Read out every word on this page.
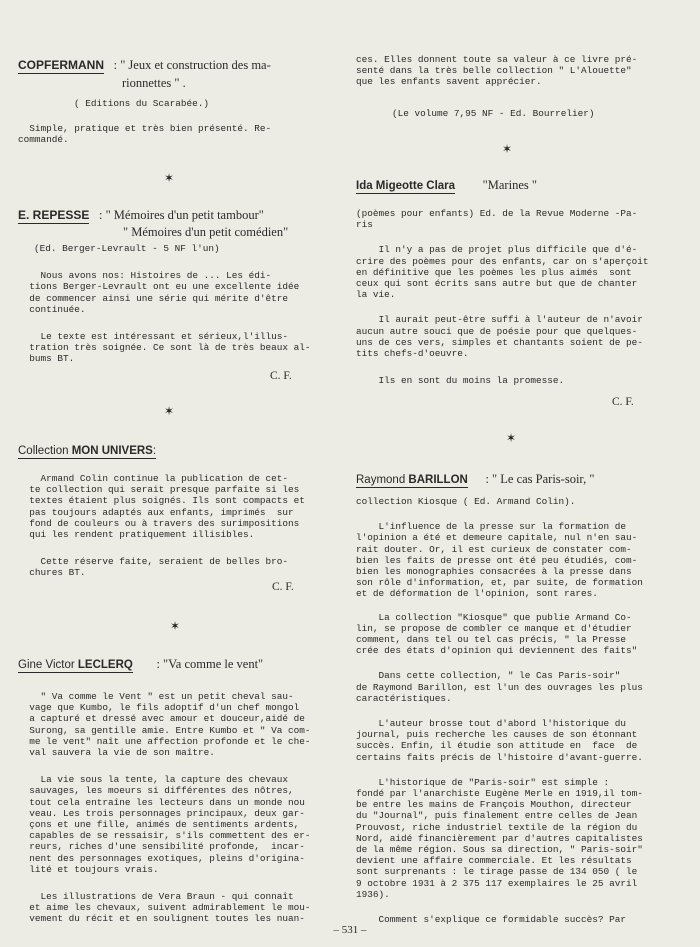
COPFERMANN : " Jeux et construction des ma-
rionnettes " .
( Editions du Scarabée.)
Simple, pratique et très bien présenté. Re-
commandé.
✶
E. REPESSE : " Mémoires d'un petit tambour"
" Mémoires d'un petit comédien"
(Ed. Berger-Levrault - 5 NF l'un)
Nous avons nos: Histoires de ... Les édi-
tions Berger-Levrault ont eu une excellente idée
de commencer ainsi une série qui mérite d'être
continuée.
Le texte est intéressant et sérieux,l'illus-
tration très soignée. Ce sont là de très beaux al-
bums BT.
C. F.
✶
Collection MON UNIVERS:
Armand Colin continue la publication de cet-
te collection qui serait presque parfaite si les
textes étaient plus soignés. Ils sont compacts et
pas toujours adaptés aux enfants, imprimés  sur
fond de couleurs ou à travers des surimpositions
qui les rendent pratiquement illisibles.
Cette réserve faite, seraient de belles bro-
chures BT.
C. F.
✶
Gine Victor LECLERQ : "Va comme le vent"
" Va comme le Vent " est un petit cheval sau-
vage que Kumbo, le fils adoptif d'un chef mongol
a capturé et dressé avec amour et douceur,aidé de
Surong, sa gentille amie. Entre Kumbo et " Va com-
me le vent" naît une affection profonde et le che-
val sauvera la vie de son maître.
La vie sous la tente, la capture des chevaux
sauvages, les moeurs si différentes des nôtres,
tout cela entraîne les lecteurs dans un monde nou
veau. Les trois personnages principaux, deux gar-
çons et une fille, animés de sentiments ardents,
capables de se ressaisir, s'ils commettent des er-
reurs, riches d'une sensibilité profonde,  incar-
nent des personnages exotiques, pleins d'origina-
lité et toujours vrais.
Les illustrations de Vera Braun - qui connaît
et aime les chevaux, suivent admirablement le mou-
vement du récit et en soulignent toutes les nuan-
ces. Elles donnent toute sa valeur à ce livre pré-
senté dans la très belle collection " L'Alouette"
que les enfants savent apprécier.
(Le volume 7,95 NF - Ed. Bourrelier)
✶
Ida Migeotte Clara "Marines "
(poèmes pour enfants) Ed. de la Revue Moderne -Pa-
ris
Il n'y a pas de projet plus difficile que d'é-
crire des poèmes pour des enfants, car on s'aperçoit
en définitive que les poèmes les plus aimés  sont
ceux qui sont écrits sans autre but que de chanter
la vie.
Il aurait peut-être suffi à l'auteur de n'avoir
aucun autre souci que de poésie pour que quelques-
uns de ces vers, simples et chantants soient de pe-
tits chefs-d'oeuvre.
Ils en sont du moins la promesse.
C. F.
✶
Raymond BARILLON : " Le cas Paris-soir, "
collection Kiosque ( Ed. Armand Colin).
L'influence de la presse sur la formation de
l'opinion a été et demeure capitale, nul n'en sau-
rait douter. Or, il est curieux de constater com-
bien les faits de presse ont été peu étudiés, com-
bien les monographies consacrées à la presse dans
son rôle d'information, et, par suite, de formation
et de déformation de l'opinion, sont rares.
La collection "Kiosque" que publie Armand Co-
lin, se propose de combler ce manque et d'étudier
comment, dans tel ou tel cas précis, " la Presse
crée des états d'opinion qui deviennent des faits"
Dans cette collection, " le Cas Paris-soir"
de Raymond Barillon, est l'un des ouvrages les plus
caractéristiques.
L'auteur brosse tout d'abord l'historique du
journal, puis recherche les causes de son étonnant
succès. Enfin, il étudie son attitude en  face  de
certains faits précis de l'histoire d'avant-guerre.
L'historique de "Paris-soir" est simple :
fondé par l'anarchiste Eugène Merle en 1919,il tom-
be entre les mains de François Mouthon, directeur
du "Journal", puis finalement entre celles de Jean
Prouvost, riche industriel textile de la région du
Nord, aidé financièrement par d'autres capitalistes
de la même région. Sous sa direction, " Paris-soir"
devient une affaire commerciale. Et les résultats
sont surprenants : le tirage passe de 134 050 ( le
9 octobre 1931 à 2 375 117 exemplaires le 25 avril
1936).
Comment s'explique ce formidable succès? Par
– 531 –
